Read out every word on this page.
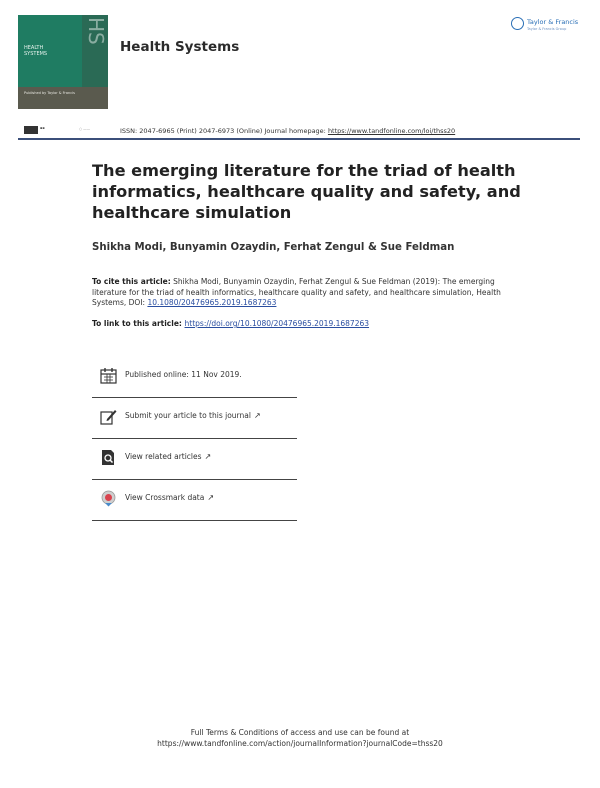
HS
HEALTH SYSTEMS
Published by Taylor & Francis
Health Systems
Taylor & Francis
Taylor & Francis Group
▪▪	○ ——	ISSN: 2047-6965 (Print) 2047-6973 (Online) Journal homepage: https://www.tandfonline.com/loi/thss20
The emerging literature for the triad of health informatics, healthcare quality and safety, and healthcare simulation
Shikha Modi, Bunyamin Ozaydin, Ferhat Zengul & Sue Feldman
To cite this article: Shikha Modi, Bunyamin Ozaydin, Ferhat Zengul & Sue Feldman (2019): The emerging literature for the triad of health informatics, healthcare quality and safety, and healthcare simulation, Health Systems, DOI: 10.1080/20476965.2019.1687263
To link to this article: https://doi.org/10.1080/20476965.2019.1687263
Published online: 11 Nov 2019.
Submit your article to this journal ↗
View related articles ↗
View Crossmark data ↗
Full Terms & Conditions of access and use can be found at
https://www.tandfonline.com/action/journalInformation?journalCode=thss20
